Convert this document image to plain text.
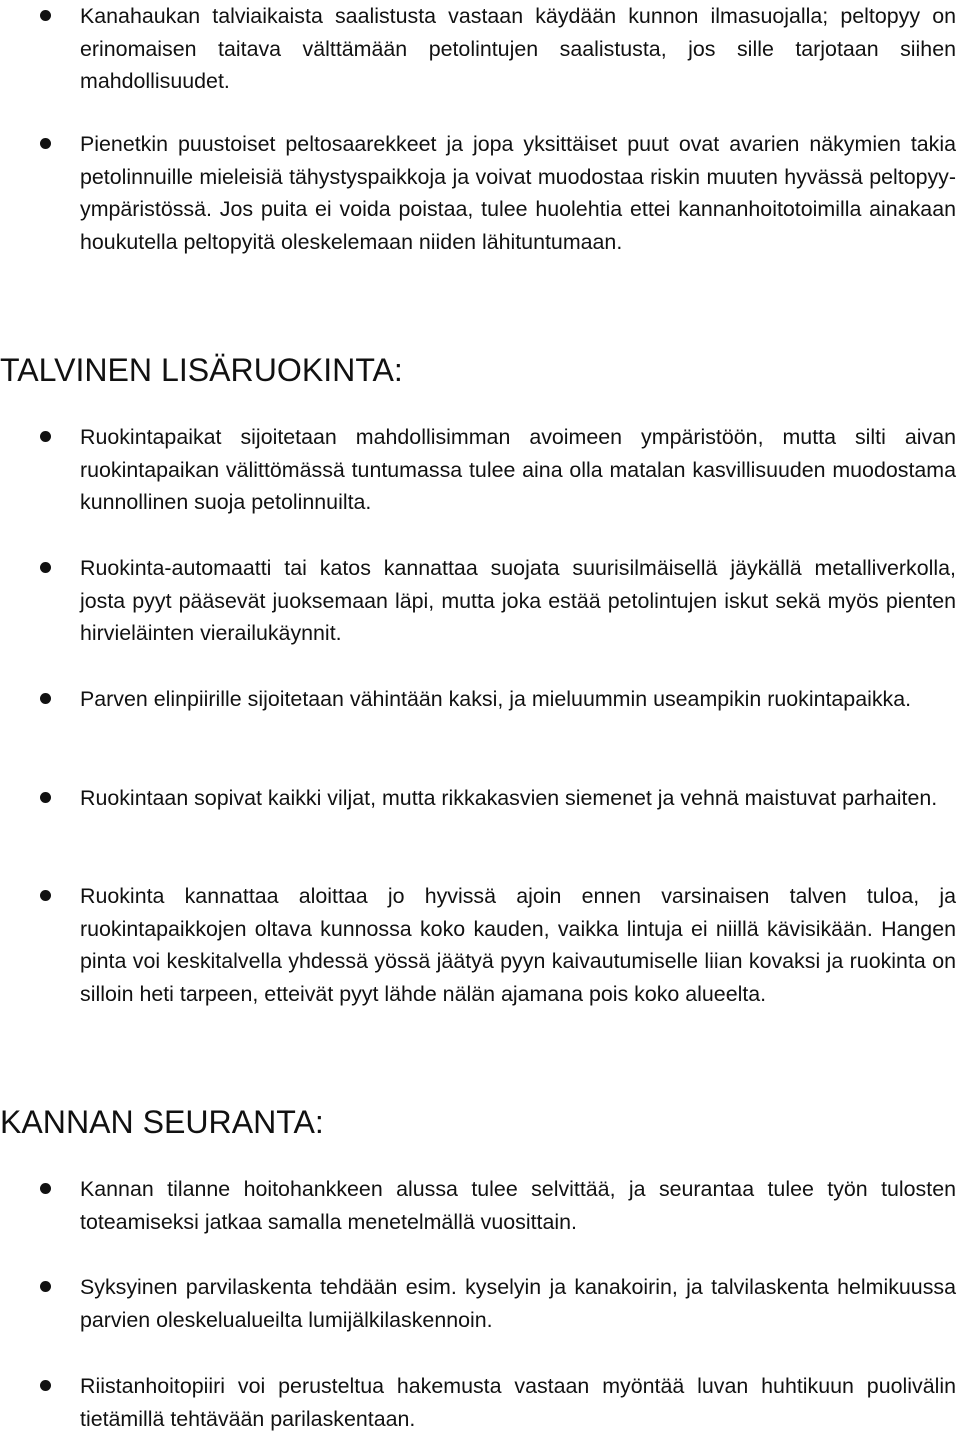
Kanahaukan talviaikaista saalistusta vastaan käydään kunnon ilmasuojalla; peltopyy on erinomaisen taitava välttämään petolintujen saalistusta, jos sille tarjotaan siihen mahdollisuudet.

Pienetkin puustoiset peltosaarekkeet ja jopa yksittäiset puut ovat avarien näkymien takia petolinnuille mieleisiä tähystyspaikkoja ja voivat muodostaa riskin muuten hyvässä peltopyy-ympäristössä. Jos puita ei voida poistaa, tulee huolehtia ettei kannanhoitotoimilla ainakaan houkutella peltopyitä oleskelemaan niiden lähituntumaan.

TALVINEN LISÄRUOKINTA:

Ruokintapaikat sijoitetaan mahdollisimman avoimeen ympäristöön, mutta silti aivan ruokintapaikan välittömässä tuntumassa tulee aina olla matalan kasvillisuuden muodostama kunnollinen suoja petolinnuilta.

Ruokinta-automaatti tai katos kannattaa suojata suurisilmäisellä jäykällä metalliverkolla, josta pyyt pääsevät juoksemaan läpi, mutta joka estää petolintujen iskut sekä myös pienten hirvieläinten vierailukäynnit.

Parven elinpiirille sijoitetaan vähintään kaksi, ja mieluummin useampikin ruokintapaikka.

Ruokintaan sopivat kaikki viljat, mutta rikkakasvien siemenet ja vehnä maistuvat parhaiten.

Ruokinta kannattaa aloittaa jo hyvissä ajoin ennen varsinaisen talven tuloa, ja ruokintapaikkojen oltava kunnossa koko kauden, vaikka lintuja ei niillä kävisikään. Hangen pinta voi keskitalvella yhdessä yössä jäätyä pyyn kaivautumiselle liian kovaksi ja ruokinta on silloin heti tarpeen, etteivät pyyt lähde nälän ajamana pois koko alueelta.

KANNAN SEURANTA:

Kannan tilanne hoitohankkeen alussa tulee selvittää, ja seurantaa tulee työn tulosten toteamiseksi jatkaa samalla menetelmällä vuosittain.

Syksyinen parvilaskenta tehdään esim. kyselyin ja kanakoirin, ja talvilaskenta helmikuussa parvien oleskelualueilta lumijälkilaskennoin.

Riistanhoitopiiri voi perusteltua hakemusta vastaan myöntää luvan huhtikuun puolivälin tietämillä tehtävään parilaskentaan.
